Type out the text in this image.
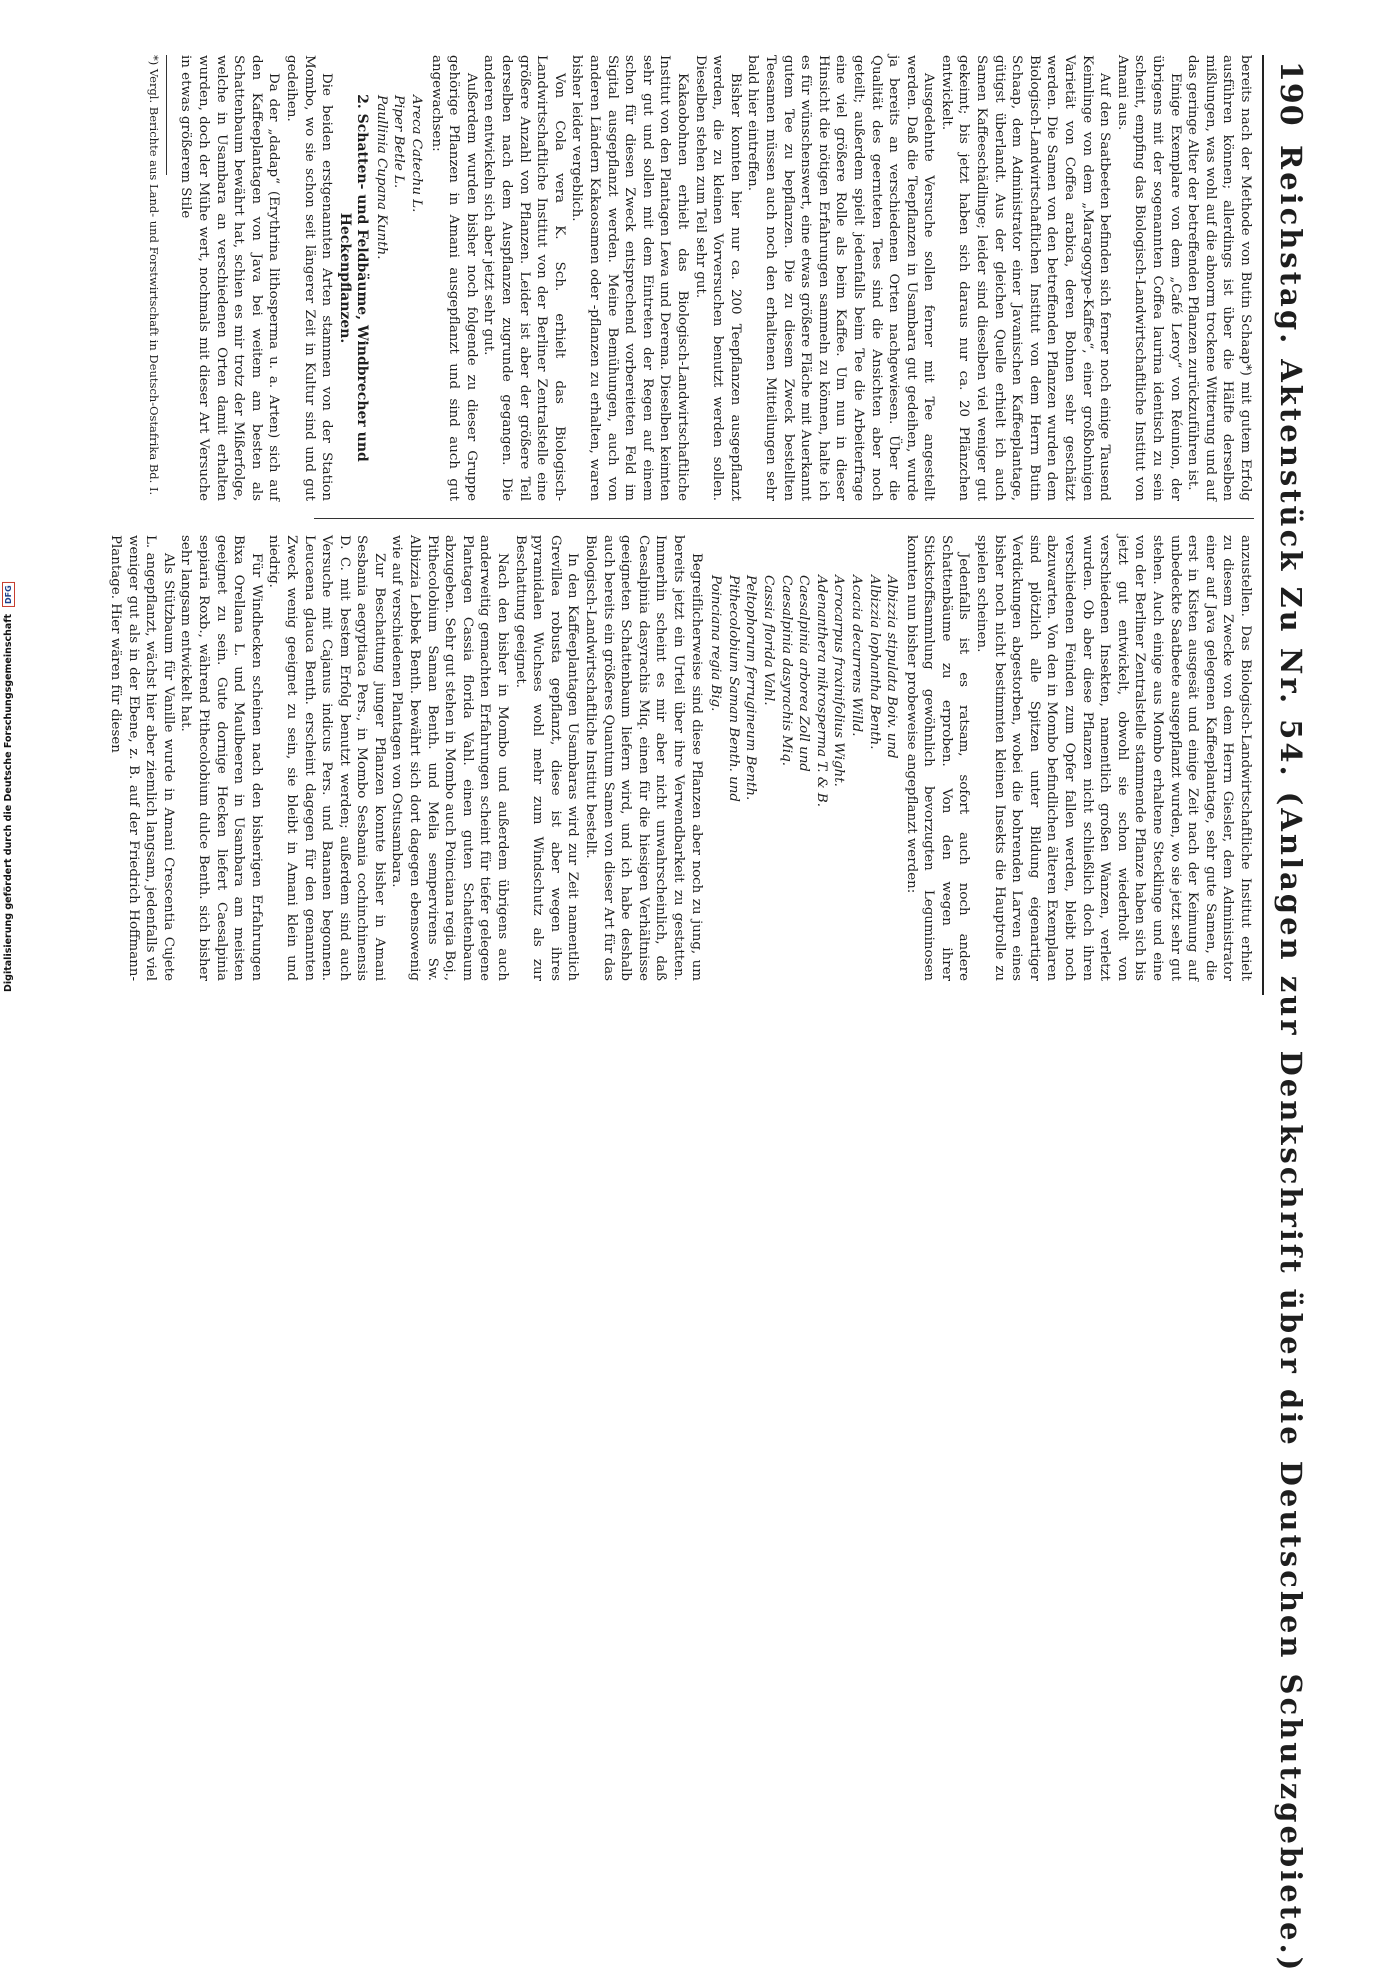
190
Reichstag. Aktenstück Zu Nr. 54. (Anlagen zur Denkschrift über die Deutschen Schutzgebiete.)

bereits nach der Methode von Butin Schaap*) mit gutem Erfolg ausführen können; allerdings ist über die Hälfte derselben mißlungen, was wohl auf die abnorm trockene Witterung und auf das geringe Alter der betreffenden Pflanzen zurückzuführen ist.

Einige Exemplare von dem „Café Leroy“ von Réunion, der übrigens mit der sogenannten Coffea laurina identisch zu sein scheint, empfing das Biologisch-Landwirtschaftliche Institut von Amani aus.

Auf den Saatbeeten befinden sich ferner noch einige Tausend Keimlinge von dem „Maragogype-Kaffee“, einer großbohnigen Varietät von Coffea arabica, deren Bohnen sehr geschätzt werden. Die Samen von den betreffenden Pflanzen wurden dem Biologisch-Landwirtschaftlichen Institut von dem Herrn Butin Schaap, dem Administrator einer Javanischen Kaffeeplantage, gütigst überlandt. Aus der gleichen Quelle erhielt ich auch Samen Kaffeeschädlinge; leider sind dieselben viel weniger gut gekeimt; bis jetzt haben sich daraus nur ca. 20 Pflänzchen entwickelt.

Ausgedehnte Versuche sollen ferner mit Tee angestellt werden. Daß die Teepflanzen in Usambara gut gedeihen, wurde ja bereits an verschiedenen Orten nachgewiesen. Über die Qualität des geernteten Tees sind die Ansichten aber noch geteilt; außerdem spielt jedenfalls beim Tee die Arbeiterfrage eine viel größere Rolle als beim Kaffee. Um nun in dieser Hinsicht die nötigen Erfahrungen sammeln zu können, halte ich es für wünschenswert, eine etwas größere Fläche mit Auerkannt gutem Tee zu bepflanzen. Die zu diesem Zweck bestellten Teesamen müssen auch noch den erhaltenen Mitteilungen sehr bald hier eintreffen.

Bisher konnten hier nur ca. 200 Teepflanzen ausgepflanzt werden, die zu kleinen Vorversuchen benutzt werden sollen. Dieselben stehen zum Teil sehr gut.

Kakaobohnen erhielt das Biologisch-Landwirtschaftliche Institut von den Plantagen Lewa und Derema. Dieselben keimten sehr gut und sollen mit dem Eintreten der Regen auf einem schon für diesen Zweck entsprechend vorbereiteten Feld im Sigital ausgepflanzt werden. Meine Bemühungen, auch von anderen Ländern Kakaosamen oder -pflanzen zu erhalten, waren bisher leider vergeblich.

Von Cola vera K. Sch. erhielt das Biologisch-Landwirtschaftliche Institut von der Berliner Zentralstelle eine größere Anzahl von Pflanzen. Leider ist aber der größere Teil derselben nach dem Auspflanzen zugrunde gegangen. Die anderen entwickeln sich aber jetzt sehr gut.

Außerdem wurden bisher noch folgende zu dieser Gruppe gehörige Pflanzen in Amani ausgepflanzt und sind auch gut angewachsen:

Areca Catechu L.
Piper Betle L.
Paullinia Cupana Kunth.

2. Schatten- und Feldbäume, Windbrecher und Heckenpflanzen.

Die beiden erstgenannten Arten stammen von der Station Mombo, wo sie schon seit längerer Zeit in Kultur sind und gut gedeihen.

Da der „dadap“ (Erythrina lithosperma u. a. Arten) sich auf den Kaffeeplantagen von Java bei weitem am besten als Schattenbaum bewährt hat, schien es mir trotz der Mißerfolge, welche in Usambara an verschiedenen Orten damit erhalten wurden, doch der Mühe wert, nochmals mit dieser Art Versuche in etwas größerem Stile

*) Vergl. Berichte aus Land- und Forstwirtschaft in Deutsch-Ostafrika Bd. I.

anzustellen. Das Biologisch-Landwirtschaftliche Institut erhielt zu diesem Zwecke von dem Herrn Giesler, dem Administrator einer auf Java gelegenen Kaffeeplantage, sehr gute Samen, die erst in Kisten ausgesät und einige Zeit nach der Keimung auf unbedeckte Saatbeete ausgepflanzt wurden, wo sie jetzt sehr gut stehen. Auch einige aus Mombo erhaltene Stecklinge und eine von der Berliner Zentralstelle stammende Pflanze haben sich bis jetzt gut entwickelt, obwohl sie schon wiederholt von verschiedenen Insekten, namentlich großen Wanzen, verletzt wurden. Ob aber diese Pflanzen nicht schließlich doch ihren verschiedenen Feinden zum Opfer fallen werden, bleibt noch abzuwarten. Von den in Mombo befindlichen älteren Exemplaren sind plötzlich alle Spitzen unter Bildung eigenartiger Verdickungen abgestorben, wobei die bohrenden Larven eines bisher noch nicht bestimmten kleinen Insekts die Hauptrolle zu spielen scheinen.

Jedenfalls ist es ratsam, sofort auch noch andere Schattenbäume zu erproben. Von den wegen ihrer Stickstoffsammlung gewöhnlich bevorzugten Leguminosen konnten nun bisher probeweise angepflanzt werden:

Albizzia stipulata Boiv. und
Albizzia lophantha Benth.
Acacia decurrens Willd.
Acrocarpus fraxinifolius Wight.
Adenanthera mikrosperma T. & B.
Caesalpinia arborea Zoll und
Caesalpinia dasyrachis Miq.
Cassia florida Vahl.
Peltophorum ferrugineum Benth.
Pithecolobium Saman Benth. und
Poinciana regia Big.

Begreiflicherweise sind diese Pflanzen aber noch zu jung, um bereits jetzt ein Urteil über ihre Verwendbarkeit zu gestatten. Immerhin scheint es mir aber nicht unwahrscheinlich, daß Caesalpinia dasyrachis Miq. einen für die hiesigen Verhältnisse geeigneten Schattenbaum liefern wird, und ich habe deshalb auch bereits ein größeres Quantum Samen von dieser Art für das Biologisch-Landwirtschaftliche Institut bestellt.

In den Kaffeeplantagen Usambaras wird zur Zeit namentlich Grevillea robusta gepflanzt, diese ist aber wegen ihres pyramidalen Wuchses wohl mehr zum Windschutz als zur Beschattung geeignet.

Nach den bisher in Mombo und außerdem übrigens auch anderweitig gemachten Erfahrungen scheint für tiefer gelegene Plantagen Cassia florida Vahl. einen guten Schattenbaum abzugeben. Sehr gut stehen in Mombo auch Poinciana regia Boj., Pithecolobium Saman Benth. und Melia sempervirens Sw. Albizzia Lebbek Benth. bewährt sich dort dagegen ebensowenig wie auf verschiedenen Plantagen von Ostusambara.

Zur Beschattung junger Pflanzen konnte bisher in Amani Sesbania aegyptiaca Pers., in Mombo Sesbania cochinchinensis D. C. mit bestem Erfolg benutzt werden; außerdem sind auch Versuche mit Cajanus indicus Pers. und Bananen begonnen. Leucaena glauca Benth. erscheint dagegen für den genannten Zweck wenig geeignet zu sein, sie bleibt in Amani klein und niedrig.

Für Windhecken scheinen nach den bisherigen Erfahrungen Bixa Orellana L. und Maulbeeren in Usambara am meisten geeignet zu sein. Gute dornige Hecken liefert Caesalpinia sepiaria Roxb., während Pithecolobium dulce Benth. sich bisher sehr langsam entwickelt hat.

Als Stützbaum für Vanille wurde in Amani Crescentia Cujete L. angepflanzt, wächst hier aber ziemlich langsam, jedenfalls viel weniger gut als in der Ebene, z. B. auf der Friedrich Hoffmann-Plantage. Hier wären für diesen

Digitalisierung gefördert durch die Deutsche Forschungsgemeinschaft DFG
